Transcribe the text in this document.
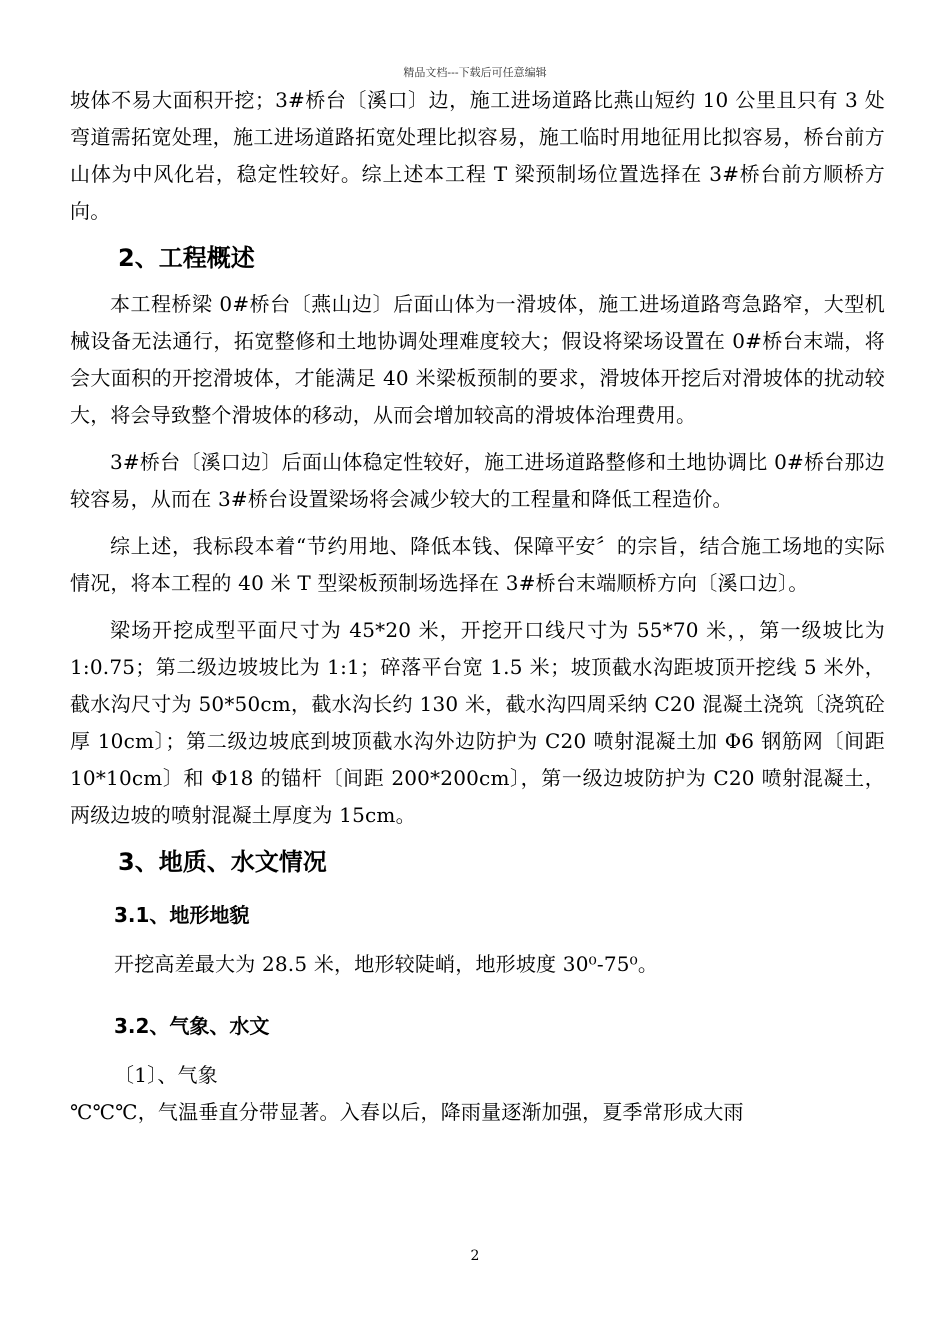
精品文档---下载后可任意编辑

坡体不易大面积开挖；3#桥台〔溪口〕边，施工进场道路比燕山短约 10 公里且只有 3 处弯道需拓宽处理，施工进场道路拓宽处理比拟容易，施工临时用地征用比拟容易，桥台前方山体为中风化岩，稳定性较好。综上述本工程 T 梁预制场位置选择在 3#桥台前方顺桥方向。

2、工程概述

本工程桥梁 0#桥台〔燕山边〕后面山体为一滑坡体，施工进场道路弯急路窄，大型机械设备无法通行，拓宽整修和土地协调处理难度较大；假设将梁场设置在 0#桥台末端，将会大面积的开挖滑坡体，才能满足 40 米梁板预制的要求，滑坡体开挖后对滑坡体的扰动较大，将会导致整个滑坡体的移动，从而会增加较高的滑坡体治理费用。

3#桥台〔溪口边〕后面山体稳定性较好，施工进场道路整修和土地协调比 0#桥台那边较容易，从而在 3#桥台设置梁场将会减少较大的工程量和降低工程造价。

综上述，我标段本着“节约用地、降低本钱、保障平安〞的宗旨，结合施工场地的实际情况，将本工程的 40 米 T 型梁板预制场选择在 3#桥台末端顺桥方向〔溪口边〕。

梁场开挖成型平面尺寸为 45*20 米，开挖开口线尺寸为 55*70 米，，第一级坡比为 1:0.75；第二级边坡坡比为 1:1；碎落平台宽 1.5 米；坡顶截水沟距坡顶开挖线 5 米外，截水沟尺寸为 50*50cm，截水沟长约 130 米，截水沟四周采纳 C20 混凝土浇筑〔浇筑砼厚 10cm〕；第二级边坡底到坡顶截水沟外边防护为 C20 喷射混凝土加 Φ6 钢筋网〔间距 10*10cm〕和 Φ18 的锚杆〔间距 200*200cm〕，第一级边坡防护为 C20 喷射混凝土，两级边坡的喷射混凝土厚度为 15cm。

3、地质、水文情况
3.1、地形地貌

开挖高差最大为 28.5 米，地形较陡峭，地形坡度 30⁰-75⁰。

3.2、气象、水文

〔1〕、气象

℃℃℃，气温垂直分带显著。入春以后，降雨量逐渐加强，夏季常形成大雨

2
